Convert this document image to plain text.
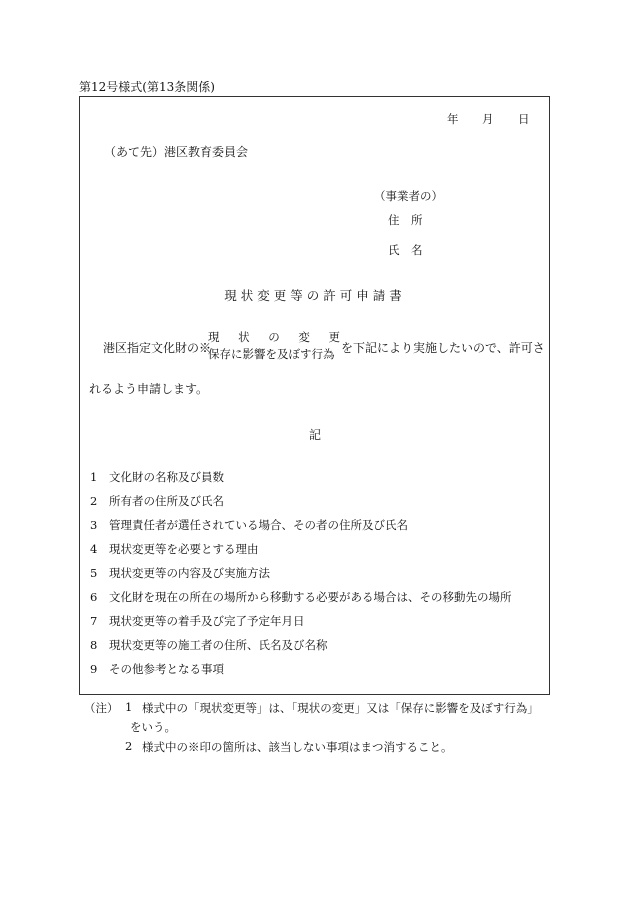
第12号様式(第13条関係)
年 月 日
（あて先）港区教育委員会
（事業者の）
住 所
氏 名
現状変更等の許可申請書
港区指定文化財の※
現 状 の 変 更
保存に影響を及ぼす行為 を下記により実施したいので、許可さ
れるよう申請します。
記
1	文化財の名称及び員数
2	所有者の住所及び氏名
3	管理責任者が選任されている場合、その者の住所及び氏名
4	現状変更等を必要とする理由
5	現状変更等の内容及び実施方法
6	文化財を現在の所在の場所から移動する必要がある場合は、その移動先の場所
7	現状変更等の着手及び完了予定年月日
8	現状変更等の施工者の住所、氏名及び名称
9	その他参考となる事項
（注） 1 様式中の「現状変更等」は、「現状の変更」又は「保存に影響を及ぼす行為」
をいう。
2 様式中の※印の箇所は、該当しない事項はまつ消すること。
